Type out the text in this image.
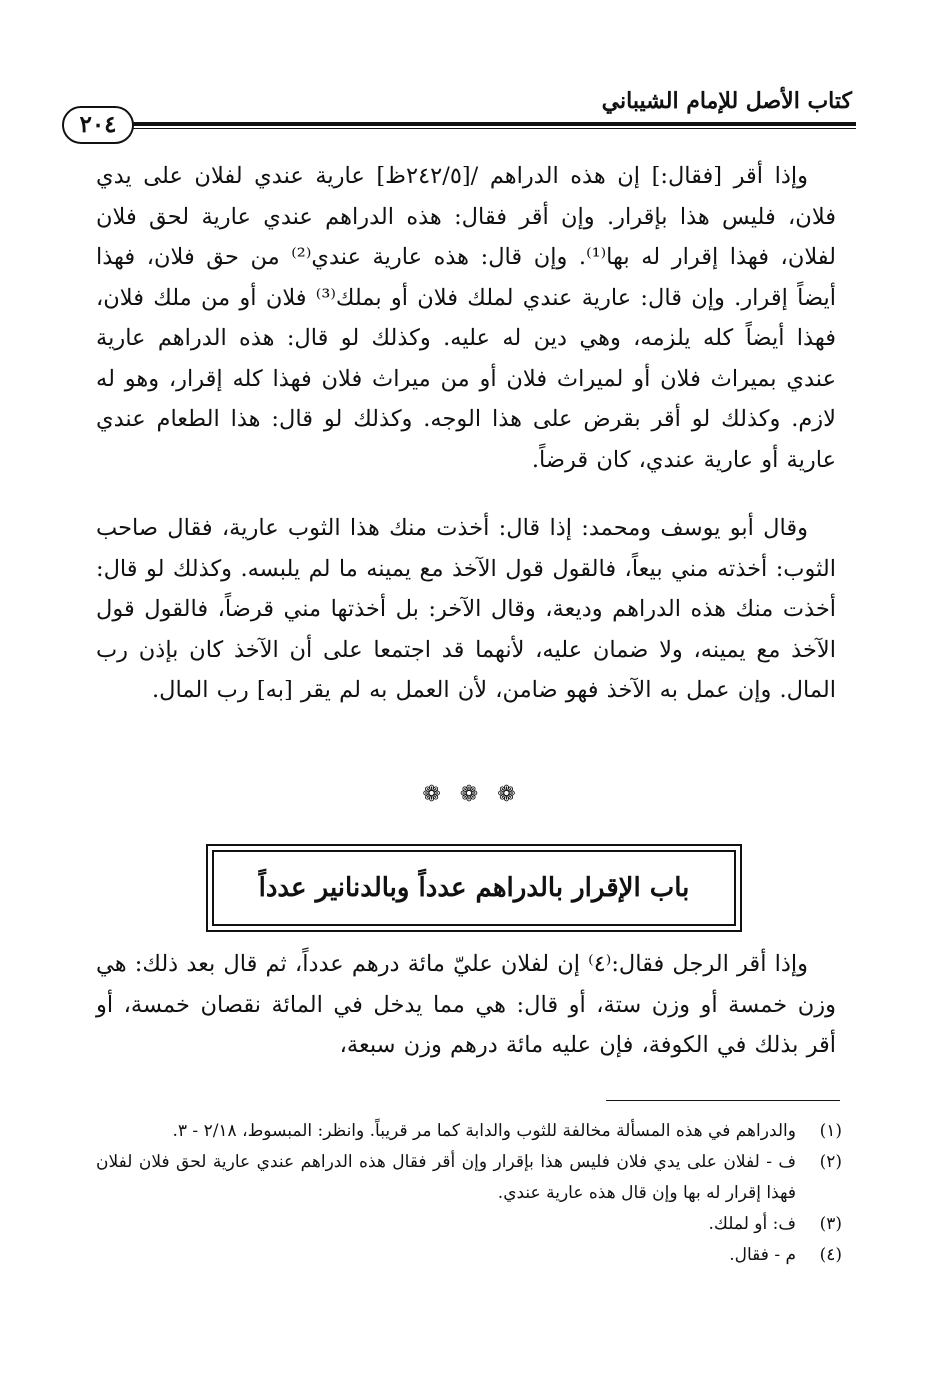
كتاب الأصل للإمام الشيباني
٢٠٤

وإذا أقر [فقال:] إن هذه الدراهم /[٢٤٢/٥ظ] عارية عندي لفلان على يدي فلان، فليس هذا بإقرار. وإن أقر فقال: هذه الدراهم عندي عارية لحق فلان لفلان، فهذا إقرار له بها⁽¹⁾. وإن قال: هذه عارية عندي⁽²⁾ من حق فلان، فهذا أيضاً إقرار. وإن قال: عارية عندي لملك فلان أو بملك⁽³⁾ فلان أو من ملك فلان، فهذا أيضاً كله يلزمه، وهي دين له عليه. وكذلك لو قال: هذه الدراهم عارية عندي بميراث فلان أو لميراث فلان أو من ميراث فلان فهذا كله إقرار، وهو له لازم. وكذلك لو أقر بقرض على هذا الوجه. وكذلك لو قال: هذا الطعام عندي عارية أو عارية عندي، كان قرضاً.

وقال أبو يوسف ومحمد: إذا قال: أخذت منك هذا الثوب عارية، فقال صاحب الثوب: أخذته مني بيعاً، فالقول قول الآخذ مع يمينه ما لم يلبسه. وكذلك لو قال: أخذت منك هذه الدراهم وديعة، وقال الآخر: بل أخذتها مني قرضاً، فالقول قول الآخذ مع يمينه، ولا ضمان عليه، لأنهما قد اجتمعا على أن الآخذ كان بإذن رب المال. وإن عمل به الآخذ فهو ضامن، لأن العمل به لم يقر [به] رب المال.

❁ ❁ ❁
باب الإقرار بالدراهم عدداً وبالدنانير عدداً

وإذا أقر الرجل فقال:⁽٤⁾ إن لفلان عليّ مائة درهم عدداً، ثم قال بعد ذلك: هي وزن خمسة أو وزن ستة، أو قال: هي مما يدخل في المائة نقصان خمسة، أو أقر بذلك في الكوفة، فإن عليه مائة درهم وزن سبعة،

(١)
والدراهم في هذه المسألة مخالفة للثوب والدابة كما مر قريباً. وانظر: المبسوط، ٢/١٨ - ٣.
(٢)
ف - لفلان على يدي فلان فليس هذا بإقرار وإن أقر فقال هذه الدراهم عندي عارية لحق فلان لفلان فهذا إقرار له بها وإن قال هذه عارية عندي.
(٣)
ف: أو لملك.
(٤)
م - فقال.
